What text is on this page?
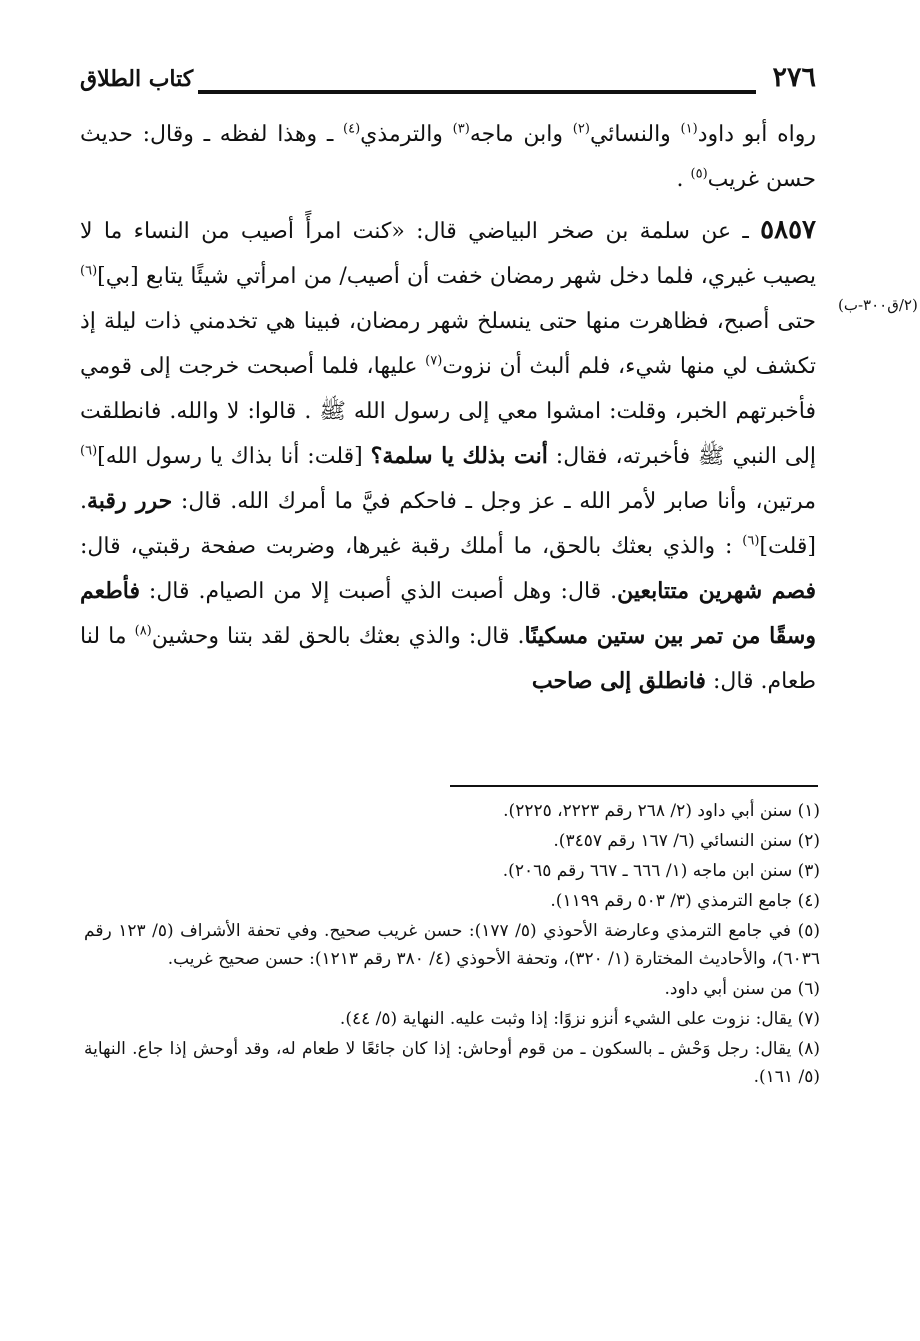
٢٧٦
كتاب الطلاق
(٢/ق٣٠٠-ب)

رواه أبو داود$^{(١)}$ والنسائي$^{(٢)}$ وابن ماجه$^{(٣)}$ والترمذي$^{(٤)}$ ـ وهذا لفظه ـ وقال: حديث حسن غريب$^{(٥)}$ .

٥٨٥٧ ـ عن سلمة بن صخر البياضي قال: «كنت امرأً أصيب من النساء ما لا يصيب غيري، فلما دخل شهر رمضان خفت أن أصيب/ من امرأتي شيئًا يتابع [بي]$^{(٦)}$ حتى أصبح، فظاهرت منها حتى ينسلخ شهر رمضان، فبينا هي تخدمني ذات ليلة إذ تكشف لي منها شيء، فلم ألبث أن نزوت$^{(٧)}$ عليها، فلما أصبحت خرجت إلى قومي فأخبرتهم الخبر، وقلت: امشوا معي إلى رسول الله ﷺ . قالوا: لا والله. فانطلقت إلى النبي ﷺ فأخبرته، فقال: أنت بذلك يا سلمة؟ [قلت: أنا بذاك يا رسول الله]$^{(٦)}$ مرتين، وأنا صابر لأمر الله ـ عز وجل ـ فاحكم فيَّ ما أمرك الله. قال: حرر رقبة. [قلت]$^{(٦)}$ : والذي بعثك بالحق، ما أملك رقبة غيرها، وضربت صفحة رقبتي، قال: فصم شهرين متتابعين. قال: وهل أصبت الذي أصبت إلا من الصيام. قال: فأطعم وسقًا من تمر بين ستين مسكينًا. قال: والذي بعثك بالحق لقد بتنا وحشين$^{(٨)}$ ما لنا طعام. قال: فانطلق إلى صاحب

(١) سنن أبي داود (٢/ ٢٦٨ رقم ٢٢٢٣، ٢٢٢٥).

(٢) سنن النسائي (٦/ ١٦٧ رقم ٣٤٥٧).

(٣) سنن ابن ماجه (١/ ٦٦٦ ـ ٦٦٧ رقم ٢٠٦٥).

(٤) جامع الترمذي (٣/ ٥٠٣ رقم ١١٩٩).

(٥) في جامع الترمذي وعارضة الأحوذي (٥/ ١٧٧): حسن غريب صحيح. وفي تحفة الأشراف (٥/ ١٢٣ رقم ٦٠٣٦)، والأحاديث المختارة (١/ ٣٢٠)، وتحفة الأحوذي (٤/ ٣٨٠ رقم ١٢١٣): حسن صحيح غريب.

(٦) من سنن أبي داود.

(٧) يقال: نزوت على الشيء أنزو نزوًا: إذا وثبت عليه. النهاية (٥/ ٤٤).

(٨) يقال: رجل وَحْش ـ بالسكون ـ من قوم أوحاش: إذا كان جائعًا لا طعام له، وقد أوحش إذا جاع. النهاية (٥/ ١٦١).
